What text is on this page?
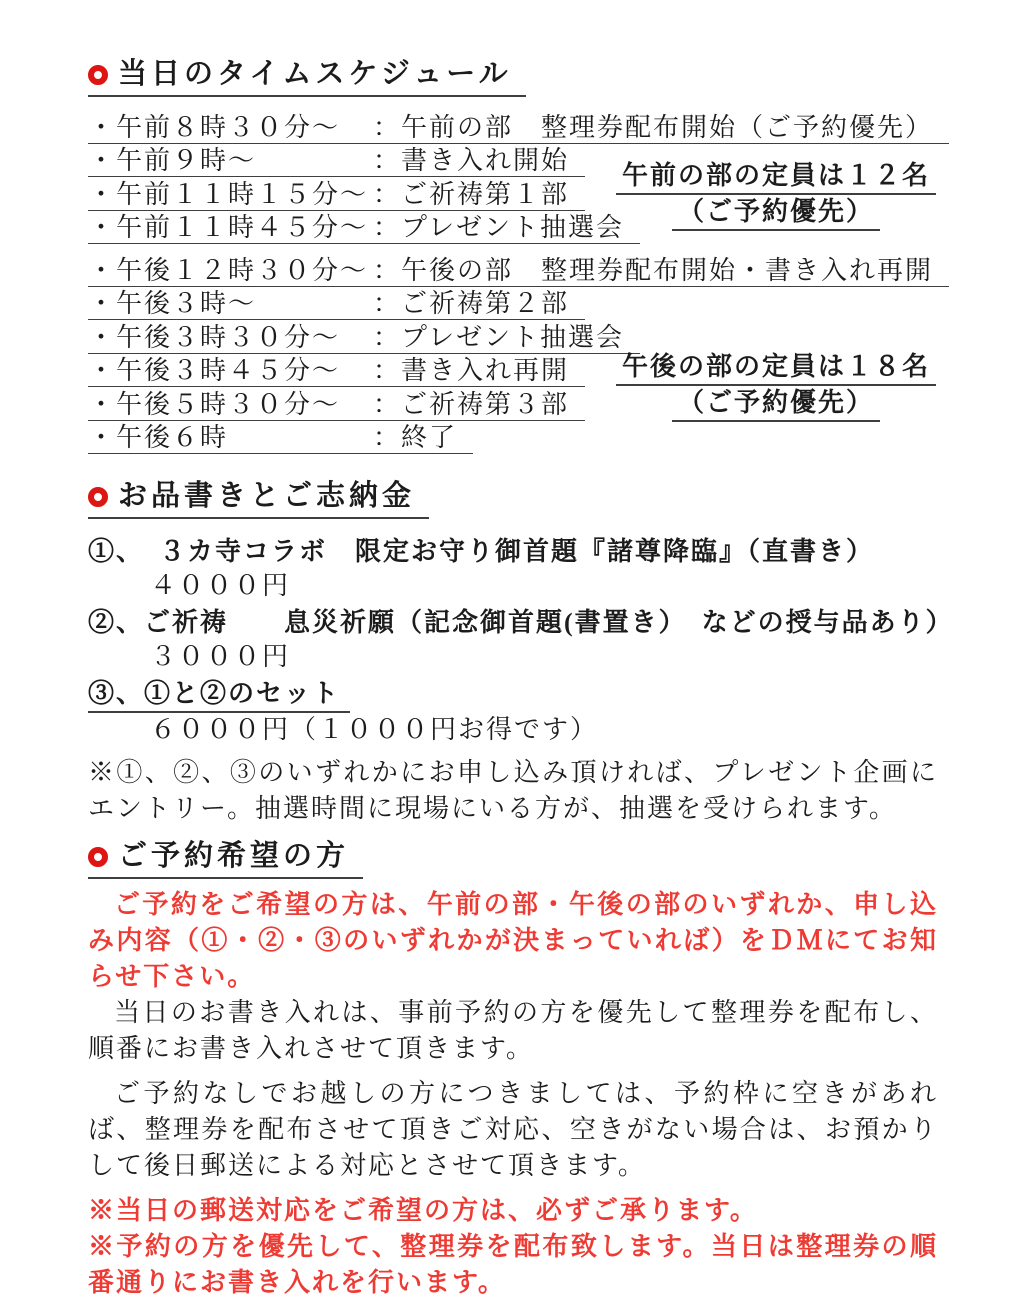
当日のタイムスケジュール
・午前８時３０分～	：午前の部　整理券配布開始（ご予約優先）
・午前９時～	：書き入れ開始
・午前１１時１５分～ ：ご祈祷第１部
・午前１１時４５分～ ：プレゼント抽選会
午前の部の定員は１２名
（ご予約優先）
・午後１２時３０分～ ：午後の部　整理券配布開始・書き入れ再開
・午後３時～	：ご祈祷第２部
・午後３時３０分～	：プレゼント抽選会
・午後３時４５分～	：書き入れ再開
・午後５時３０分～	：ご祈祷第３部
・午後６時	：終了
午後の部の定員は１８名
（ご予約優先）
お品書きとご志納金
①、　３カ寺コラボ　限定お守り御首題『諸尊降臨』（直書き）
４０００円
②、ご祈祷　　息災祈願（記念御首題(書置き）　などの授与品あり）
３０００円
③、①と②のセット
６０００円（１０００円お得です）

※①、②、③のいずれかにお申し込み頂ければ、プレゼント企画にエントリー。抽選時間に現場にいる方が、抽選を受けられます。

ご予約希望の方

ご予約をご希望の方は、午前の部・午後の部のいずれか、申し込み内容（①・②・③のいずれかが決まっていれば）をＤＭにてお知らせ下さい。

当日のお書き入れは、事前予約の方を優先して整理券を配布し、順番にお書き入れさせて頂きます。

ご予約なしでお越しの方につきましては、予約枠に空きがあれば、整理券を配布させて頂きご対応、空きがない場合は、お預かりして後日郵送による対応とさせて頂きます。

※当日の郵送対応をご希望の方は、必ずご承ります。

※予約の方を優先して、整理券を配布致します。当日は整理券の順番通りにお書き入れを行います。
